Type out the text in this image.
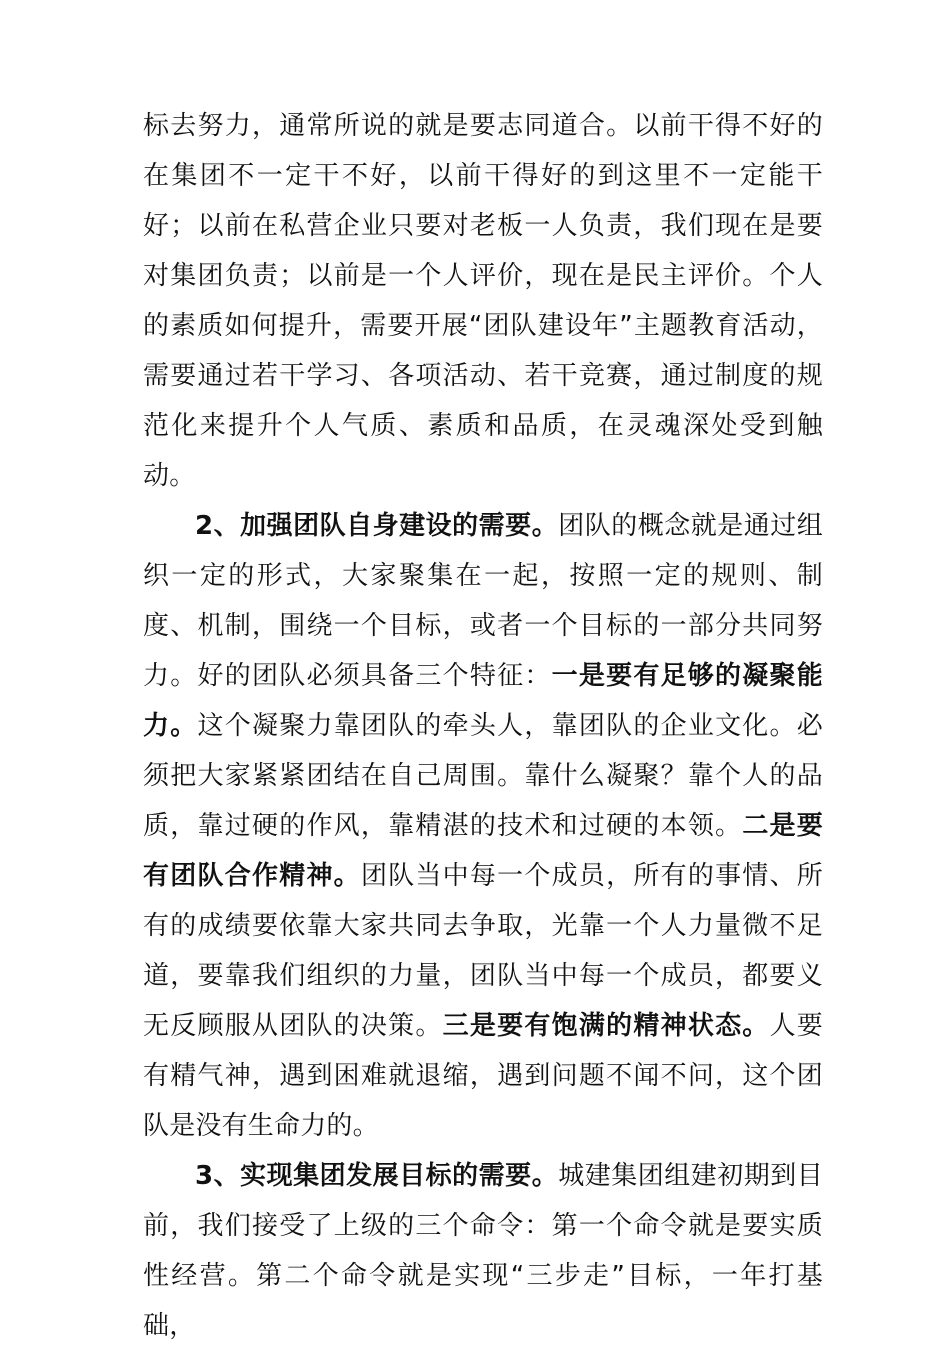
标去努力，通常所说的就是要志同道合。以前干得不好的在集团不一定干不好，以前干得好的到这里不一定能干好；以前在私营企业只要对老板一人负责，我们现在是要对集团负责；以前是一个人评价，现在是民主评价。个人的素质如何提升，需要开展“团队建设年”主题教育活动，需要通过若干学习、各项活动、若干竞赛，通过制度的规范化来提升个人气质、素质和品质，在灵魂深处受到触动。

2、加强团队自身建设的需要。团队的概念就是通过组织一定的形式，大家聚集在一起，按照一定的规则、制度、机制，围绕一个目标，或者一个目标的一部分共同努力。好的团队必须具备三个特征：一是要有足够的凝聚能力。这个凝聚力靠团队的牵头人，靠团队的企业文化。必须把大家紧紧团结在自己周围。靠什么凝聚？靠个人的品质，靠过硬的作风，靠精湛的技术和过硬的本领。二是要有团队合作精神。团队当中每一个成员，所有的事情、所有的成绩要依靠大家共同去争取，光靠一个人力量微不足道，要靠我们组织的力量，团队当中每一个成员，都要义无反顾服从团队的决策。三是要有饱满的精神状态。人要有精气神，遇到困难就退缩，遇到问题不闻不问，这个团队是没有生命力的。

3、实现集团发展目标的需要。城建集团组建初期到目前，我们接受了上级的三个命令：第一个命令就是要实质性经营。第二个命令就是实现“三步走”目标，一年打基础，
